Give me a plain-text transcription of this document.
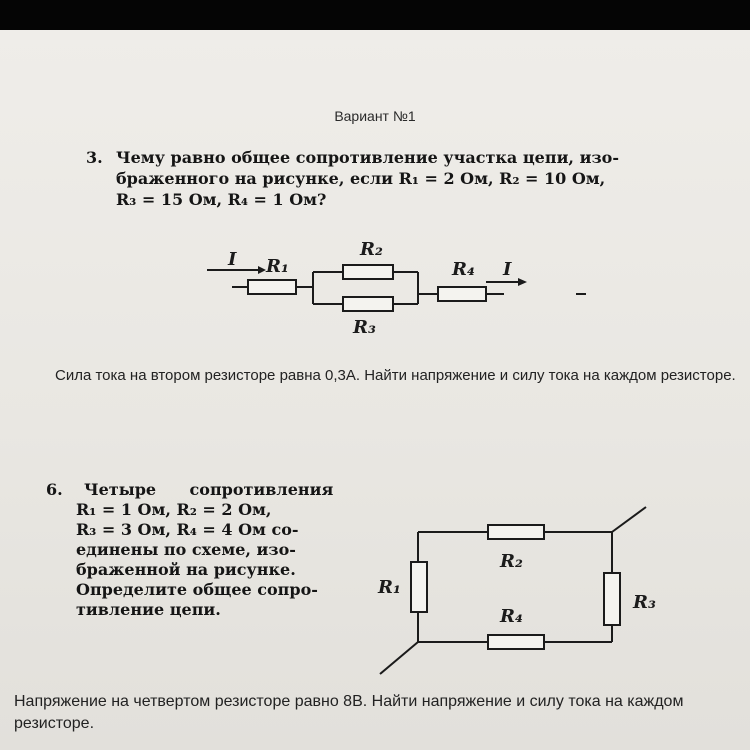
Вариант №1
3. Чему равно общее сопротивление участка цепи, изо-
браженного на рисунке, если R₁ = 2 Ом, R₂ = 10 Ом,
R₃ = 15 Ом, R₄ = 1 Ом?
I R₁
R₂
R₃
R₄ I
R₁
R₂
R₃
R₄
Сила тока на втором резисторе равна 0,3А. Найти напряжение и силу тока на каждом резисторе.
6. Четыре      сопротивления
R₁ = 1 Ом, R₂ = 2 Ом,
R₃ = 3 Ом, R₄ = 4 Ом со-
единены по схеме, изо-
браженной на рисунке.
Определите общее сопро-
тивление цепи.
Напряжение на четвертом резисторе равно 8В. Найти напряжение и силу тока на каждом резисторе.
